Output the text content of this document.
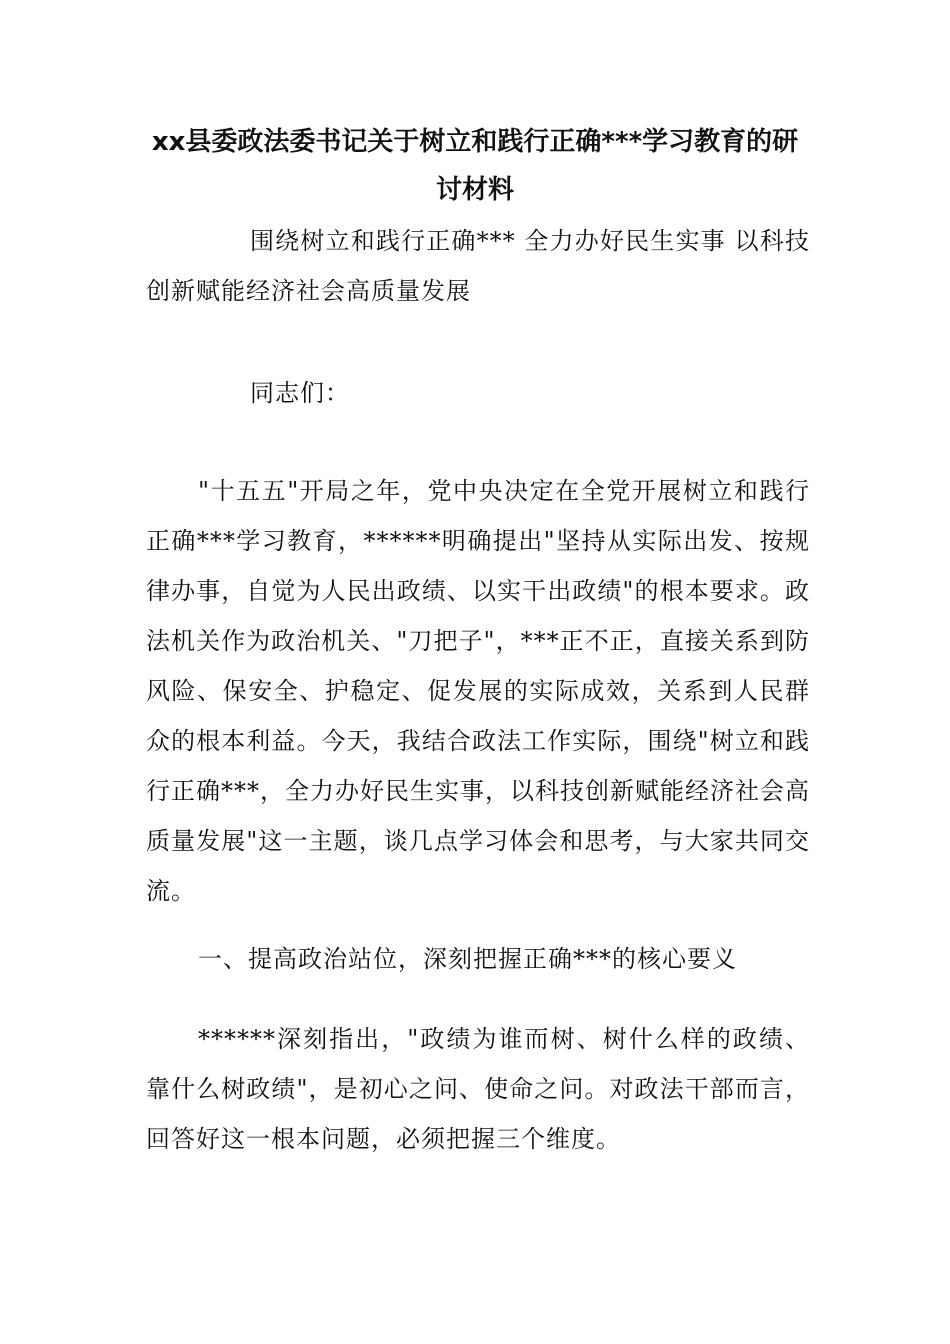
xx县委政法委书记关于树立和践行正确***学习教育的研讨材料

围绕树立和践行正确*** 全力办好民生实事 以科技创新赋能经济社会高质量发展

同志们：

"十五五"开局之年，党中央决定在全党开展树立和践行正确***学习教育，******明确提出"坚持从实际出发、按规律办事，自觉为人民出政绩、以实干出政绩"的根本要求。政法机关作为政治机关、"刀把子"，***正不正，直接关系到防风险、保安全、护稳定、促发展的实际成效，关系到人民群众的根本利益。今天，我结合政法工作实际，围绕"树立和践行正确***，全力办好民生实事，以科技创新赋能经济社会高质量发展"这一主题，谈几点学习体会和思考，与大家共同交流。

一、提高政治站位，深刻把握正确***的核心要义

******深刻指出，"政绩为谁而树、树什么样的政绩、靠什么树政绩"，是初心之问、使命之问。对政法干部而言，回答好这一根本问题，必须把握三个维度。
